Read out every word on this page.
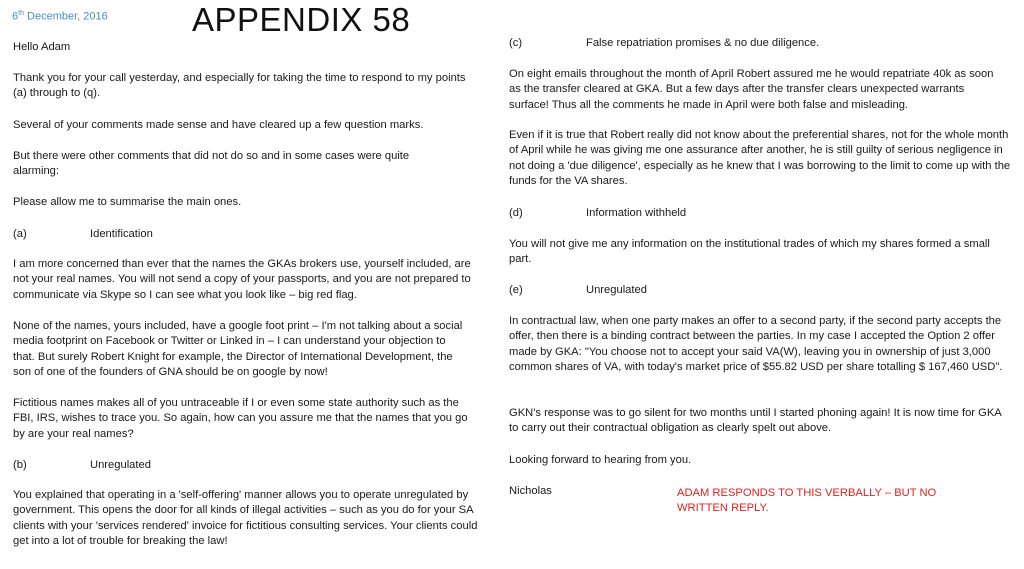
6th December, 2016	APPENDIX 58

Hello Adam

Thank you for your call yesterday, and especially for taking the time to respond to my points (a) through to (q).

Several of your comments made sense and have cleared up a few question marks.

But there were other comments that did not do so and in some cases were quite alarming:

Please allow me to summarise the main ones.

(a)	Identification

I am more concerned than ever that the names the GKAs brokers use, yourself included, are not your real names. You will not send a copy of your passports, and you are not prepared to communicate via Skype so I can see what you look like – big red flag.

None of the names, yours included, have a google foot print – I'm not talking about a social media footprint on Facebook or Twitter or Linked in – I can understand your objection to that. But surely Robert Knight for example, the Director of International Development, the son of one of the founders of GNA should be on google by now!

Fictitious names makes all of you untraceable if I or even some state authority such as the FBI, IRS, wishes to trace you. So again, how can you assure me that the names that you go by are your real names?

(b)	Unregulated

You explained that operating in a 'self-offering' manner allows you to operate unregulated by government. This opens the door for all kinds of illegal activities – such as you do for your SA clients with your 'services rendered' invoice for fictitious consulting services. Your clients could get into a lot of trouble for breaking the law!

(c)	False repatriation promises & no due diligence.

On eight emails throughout the month of April Robert assured me he would repatriate 40k as soon as the transfer cleared at GKA. But a few days after the transfer clears unexpected warrants surface! Thus all the comments he made in April were both false and misleading.

Even if it is true that Robert really did not know about the preferential shares, not for the whole month of April while he was giving me one assurance after another, he is still guilty of serious negligence in not doing a 'due diligence', especially as he knew that I was borrowing to the limit to come up with the funds for the VA shares.

(d)	Information withheld

You will not give me any information on the institutional trades of which my shares formed a small part.

(e)	Unregulated

In contractual law, when one party makes an offer to a second party, if the second party accepts the offer, then there is a binding contract between the parties. In my case I accepted the Option 2 offer made by GKA: "You choose not to accept your said VA(W), leaving you in ownership of just 3,000 common shares of VA, with today's market price of $55.82 USD per share totalling $ 167,460 USD".

GKN's response was to go silent for two months until I started phoning again! It is now time for GKA to carry out their contractual obligation as clearly spelt out above.

Looking forward to hearing from you.

Nicholas	ADAM RESPONDS TO THIS VERBALLY – BUT NO WRITTEN REPLY.
